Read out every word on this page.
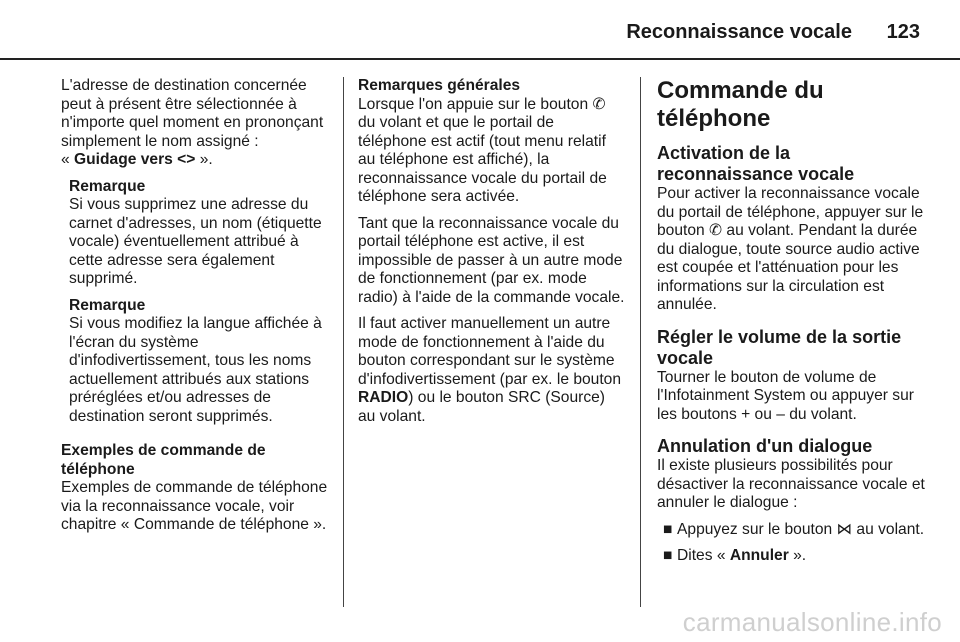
Reconnaissance vocale 123

L'adresse de destination concernée peut à présent être sélectionnée à n'importe quel moment en prononçant simplement le nom assigné :
« Guidage vers <> ».

Remarque
Si vous supprimez une adresse du carnet d'adresses, un nom (étiquette vocale) éventuellement attribué à cette adresse sera également supprimé.
Remarque
Si vous modifiez la langue affichée à l'écran du système d'infodivertissement, tous les noms actuellement attribués aux stations préréglées et/ou adresses de destination seront supprimés.
Exemples de commande de téléphone

Exemples de commande de téléphone via la reconnaissance vocale, voir chapitre « Commande de téléphone ».

Remarques générales

Lorsque l'on appuie sur le bouton ✆ du volant et que le portail de téléphone est actif (tout menu relatif au téléphone est affiché), la reconnaissance vocale du portail de téléphone sera activée.

Tant que la reconnaissance vocale du portail téléphone est active, il est impossible de passer à un autre mode de fonctionnement (par ex. mode radio) à l'aide de la commande vocale.

Il faut activer manuellement un autre mode de fonctionnement à l'aide du bouton correspondant sur le système d'infodivertissement (par ex. le bouton RADIO) ou le bouton SRC (Source) au volant.

Commande du téléphone
Activation de la reconnaissance vocale
Pour activer la reconnaissance vocale du portail de téléphone, appuyer sur le bouton ✆ au volant. Pendant la durée du dialogue, toute source audio active est coupée et l'atténuation pour les informations sur la circulation est annulée.
Régler le volume de la sortie vocale
Tourner le bouton de volume de l'Infotainment System ou appuyer sur les boutons + ou – du volant.
Annulation d'un dialogue
Il existe plusieurs possibilités pour désactiver la reconnaissance vocale et annuler le dialogue :
■ Appuyez sur le bouton ⋈ au volant.
■ Dites « Annuler ».
carmanualsonline.info
